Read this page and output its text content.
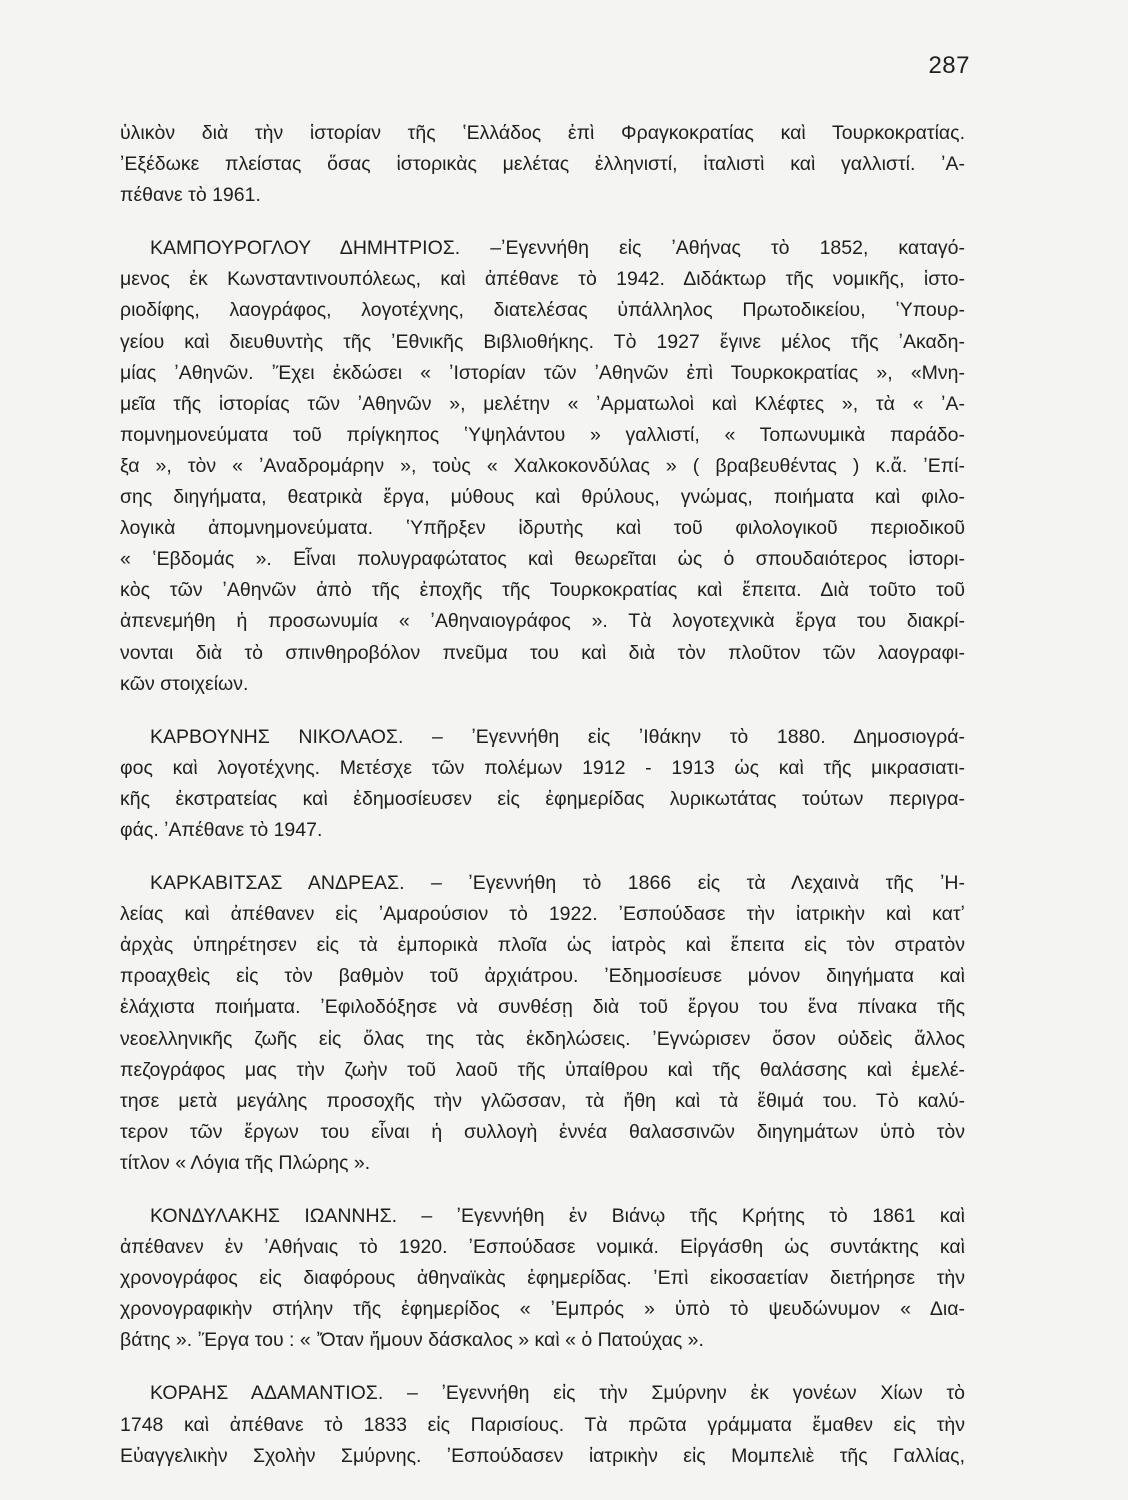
287
ὑλικὸν διὰ τὴν ἱστορίαν τῆς ʽΕλλάδος ἐπὶ Φραγκοκρατίας καὶ Τουρκοκρατίας.
ʼΕξέδωκε πλείστας ὅσας ἱστορικὰς μελέτας ἑλληνιστί, ἰταλιστὶ καὶ γαλλιστί. ʼΑ-
πέθανε τὸ 1961.
ΚΑΜΠΟΥΡΟΓΛΟΥ ΔΗΜΗΤΡΙΟΣ. –ʼΕγεννήθη εἰς ʼΑθήνας τὸ 1852, καταγό-
μενος ἐκ Κωνσταντινουπόλεως, καὶ ἀπέθανε τὸ 1942. Διδάκτωρ τῆς νομικῆς, ἱστο-
ριοδίφης, λαογράφος, λογοτέχνης, διατελέσας ὑπάλληλος Πρωτοδικείου, ʽΥπουρ-
γείου καὶ διευθυντὴς τῆς ʼΕθνικῆς Βιβλιοθήκης. Τὸ 1927 ἔγινε μέλος τῆς ʼΑκαδη-
μίας ʼΑθηνῶν. ʼΈχει ἐκδώσει « ʼΙστορίαν τῶν ʼΑθηνῶν ἐπὶ Τουρκοκρατίας », «Μνη-
μεῖα τῆς ἱστορίας τῶν ʼΑθηνῶν », μελέτην « ʼΑρματωλοὶ καὶ Κλέφτες », τὰ « ʼΑ-
πομνημονεύματα τοῦ πρίγκηπος ʽΥψηλάντου » γαλλιστί, « Τοπωνυμικὰ παράδο-
ξα », τὸν « ʼΑναδρομάρην », τοὺς « Χαλκοκονδύλας » ( βραβευθέντας ) κ.ἄ. ʼΕπί-
σης διηγήματα, θεατρικὰ ἔργα, μύθους καὶ θρύλους, γνώμας, ποιήματα καὶ φιλο-
λογικὰ ἀπομνημονεύματα. ʽΥπῆρξεν ἱδρυτὴς καὶ τοῦ φιλολογικοῦ περιοδικοῦ
« ʽΕβδομάς ». Εἶναι πολυγραφώτατος καὶ θεωρεῖται ὡς ὁ σπουδαιότερος ἱστορι-
κὸς τῶν ʼΑθηνῶν ἀπὸ τῆς ἐποχῆς τῆς Τουρκοκρατίας καὶ ἔπειτα. Διὰ τοῦτο τοῦ
ἀπενεμήθη ἡ προσωνυμία « ʼΑθηναιογράφος ». Τὰ λογοτεχνικὰ ἔργα του διακρί-
νονται διὰ τὸ σπινθηροβόλον πνεῦμα του καὶ διὰ τὸν πλοῦτον τῶν λαογραφι-
κῶν στοιχείων.
ΚΑΡΒΟΥΝΗΣ ΝΙΚΟΛΑΟΣ. – ʼΕγεννήθη εἰς ʼΙθάκην τὸ 1880. Δημοσιογρά-
φος καὶ λογοτέχνης. Μετέσχε τῶν πολέμων 1912 - 1913 ὡς καὶ τῆς μικρασιατι-
κῆς ἐκστρατείας καὶ ἐδημοσίευσεν εἰς ἐφημερίδας λυρικωτάτας τούτων περιγρα-
φάς. ʼΑπέθανε τὸ 1947.
ΚΑΡΚΑΒΙΤΣΑΣ ΑΝΔΡΕΑΣ. – ʼΕγεννήθη τὸ 1866 εἰς τὰ Λεχαινὰ τῆς ʼΗ-
λείας καὶ ἀπέθανεν εἰς ʼΑμαρούσιον τὸ 1922. ʼΕσπούδασε τὴν ἰατρικὴν καὶ κατʼ
ἀρχὰς ὑπηρέτησεν εἰς τὰ ἐμπορικὰ πλοῖα ὡς ἰατρὸς καὶ ἔπειτα εἰς τὸν στρατὸν
προαχθεὶς εἰς τὸν βαθμὸν τοῦ ἀρχιάτρου. ʼΕδημοσίευσε μόνον διηγήματα καὶ
ἐλάχιστα ποιήματα. ʼΕφιλοδόξησε νὰ συνθέσῃ διὰ τοῦ ἔργου του ἕνα πίνακα τῆς
νεοελληνικῆς ζωῆς εἰς ὅλας της τὰς ἐκδηλώσεις. ʼΕγνώρισεν ὅσον οὐδεὶς ἄλλος
πεζογράφος μας τὴν ζωὴν τοῦ λαοῦ τῆς ὑπαίθρου καὶ τῆς θαλάσσης καὶ ἐμελέ-
τησε μετὰ μεγάλης προσοχῆς τὴν γλῶσσαν, τὰ ἤθη καὶ τὰ ἔθιμά του. Τὸ καλύ-
τερον τῶν ἔργων του εἶναι ἡ συλλογὴ ἐννέα θαλασσινῶν διηγημάτων ὑπὸ τὸν
τίτλον « Λόγια τῆς Πλώρης ».
ΚΟΝΔΥΛΑΚΗΣ ΙΩΑΝΝΗΣ. – ʼΕγεννήθη ἐν Βιάνῳ τῆς Κρήτης τὸ 1861 καὶ
ἀπέθανεν ἐν ʼΑθήναις τὸ 1920. ʼΕσπούδασε νομικά. Εἰργάσθη ὡς συντάκτης καὶ
χρονογράφος εἰς διαφόρους ἀθηναϊκὰς ἐφημερίδας. ʼΕπὶ εἰκοσαετίαν διετήρησε τὴν
χρονογραφικὴν στήλην τῆς ἐφημερίδος « ʼΕμπρός » ὑπὸ τὸ ψευδώνυμον « Δια-
βάτης ». ʼΈργα του : « ʼΌταν ἤμουν δάσκαλος » καὶ « ὁ Πατούχας ».
ΚΟΡΑΗΣ ΑΔΑΜΑΝΤΙΟΣ. – ʼΕγεννήθη εἰς τὴν Σμύρνην ἐκ γονέων Χίων τὸ
1748 καὶ ἀπέθανε τὸ 1833 εἰς Παρισίους. Τὰ πρῶτα γράμματα ἔμαθεν εἰς τὴν
Εὐαγγελικὴν Σχολὴν Σμύρνης. ʼΕσπούδασεν ἰατρικὴν εἰς Μομπελιὲ τῆς Γαλλίας,
